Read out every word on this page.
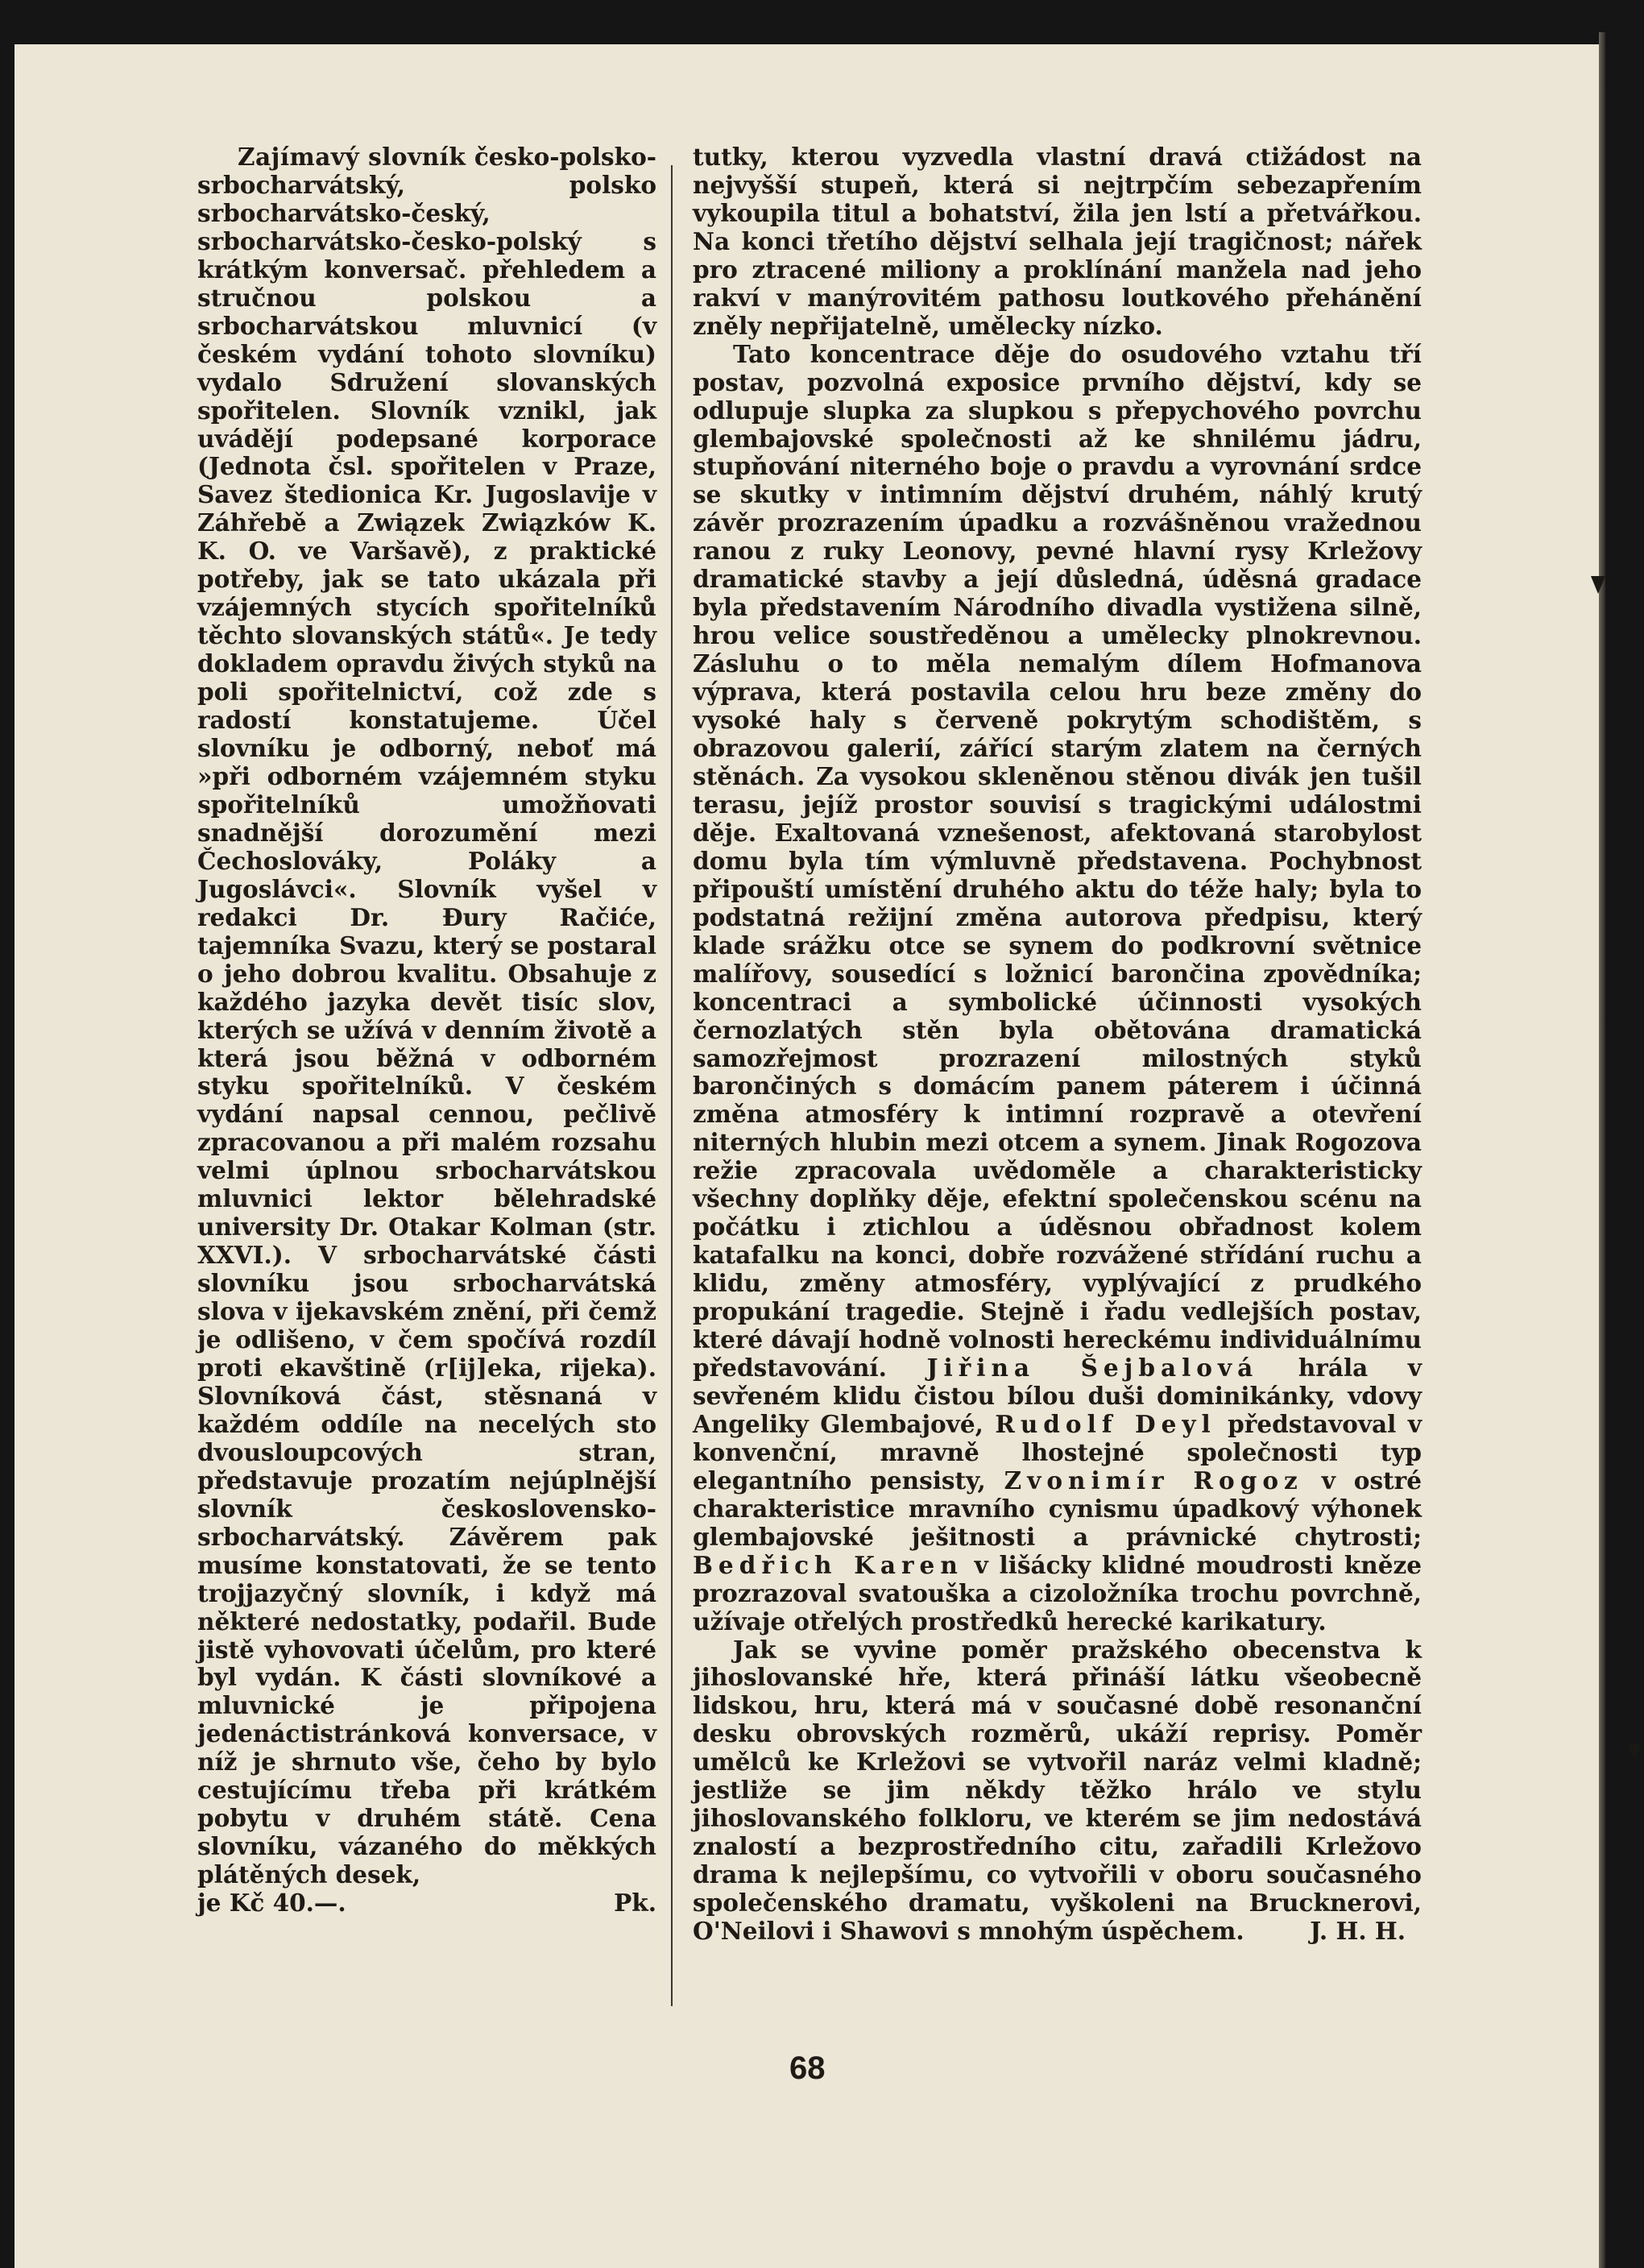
Zajímavý slovník česko-polsko-srbocharvátský, polsko srbocharvátsko-český, srbocharvátsko-česko-polský s krátkým konversač. přehledem a stručnou polskou a srbocharvátskou mluvnicí (v českém vydání tohoto slovníku) vydalo Sdružení slovanských spořitelen. Slovník vznikl, jak uvádějí podepsané korporace (Jednota čsl. spořitelen v Praze, Savez štedionica Kr. Jugoslavije v Záhřebě a Związek Związków K. K. O. ve Varšavě), z praktické potřeby, jak se tato ukázala při vzájemných stycích spořitelníků těchto slovanských států«. Je tedy dokladem opravdu živých styků na poli spořitelnictví, což zde s radostí konstatujeme. Účel slovníku je odborný, neboť má »při odborném vzájemném styku spořitelníků umožňovati snadnější dorozumění mezi Čechoslováky, Poláky a Jugoslávci«. Slovník vyšel v redakci Dr. Đury Račiće, tajemníka Svazu, který se postaral o jeho dobrou kvalitu. Obsahuje z každého jazyka devět tisíc slov, kterých se užívá v denním životě a která jsou běžná v odborném styku spořitelníků. V českém vydání napsal cennou, pečlivě zpracovanou a při malém rozsahu velmi úplnou srbocharvátskou mluvnici lektor bělehradské university Dr. Otakar Kolman (str. XXVI.). V srbocharvátské části slovníku jsou srbocharvátská slova v ijekavském znění, při čemž je odlišeno, v čem spočívá rozdíl proti ekavštině (r[ij]eka, rijeka). Slovníková část, stěsnaná v každém oddíle na necelých sto dvousloupcových stran, představuje prozatím nejúplnější slovník československo-srbocharvátský. Závěrem pak musíme konstatovati, že se tento trojjazyčný slovník, i když má některé nedostatky, podařil. Bude jistě vyhovovati účelům, pro které byl vydán. K části slovníkové a mluvnické je připojena jedenáctistránková konversace, v níž je shrnuto vše, čeho by bylo cestujícímu třeba při krátkém pobytu v druhém státě. Cena slovníku, vázaného do měkkých plátěných desek,

je Kč 40.—.	Pk.

tutky, kterou vyzvedla vlastní dravá ctižádost na nejvyšší stupeň, která si nejtrpčím sebezapřením vykoupila titul a bohatství, žila jen lstí a přetvářkou. Na konci třetího dějství selhala její tragičnost; nářek pro ztracené miliony a proklínání manžela nad jeho rakví v manýrovitém pathosu loutkového přehánění zněly nepřijatelně, umělecky nízko.

Tato koncentrace děje do osudového vztahu tří postav, pozvolná exposice prvního dějství, kdy se odlupuje slupka za slupkou s přepychového povrchu glembajovské společnosti až ke shnilému jádru, stupňování niterného boje o pravdu a vyrovnání srdce se skutky v intimním dějství druhém, náhlý krutý závěr prozrazením úpadku a rozvášněnou vražednou ranou z ruky Leonovy, pevné hlavní rysy Krležovy dramatické stavby a její důsledná, úděsná gradace byla představením Národního divadla vystižena silně, hrou velice soustředěnou a umělecky plnokrevnou. Zásluhu o to měla nemalým dílem Hofmanova výprava, která postavila celou hru beze změny do vysoké haly s červeně pokrytým schodištěm, s obrazovou galerií, zářící starým zlatem na černých stěnách. Za vysokou skleněnou stěnou divák jen tušil terasu, jejíž prostor souvisí s tragickými událostmi děje. Exaltovaná vznešenost, afektovaná starobylost domu byla tím výmluvně představena. Pochybnost připouští umístění druhého aktu do téže haly; byla to podstatná režijní změna autorova předpisu, který klade srážku otce se synem do podkrovní světnice malířovy, sousedící s ložnicí barončina zpovědníka; koncentraci a symbolické účinnosti vysokých černozlatých stěn byla obětována dramatická samozřejmost prozrazení milostných styků barončiných s domácím panem páterem i účinná změna atmosféry k intimní rozpravě a otevření niterných hlubin mezi otcem a synem. Jinak Rogozova režie zpracovala uvědoměle a charakteristicky všechny doplňky děje, efektní společenskou scénu na počátku i ztichlou a úděsnou obřadnost kolem katafalku na konci, dobře rozvážené střídání ruchu a klidu, změny atmosféry, vyplývající z prudkého propukání tragedie. Stejně i řadu vedlejších postav, které dávají hodně volnosti hereckému individuálnímu představování. Jiřina Šejbalová hrála v sevřeném klidu čistou bílou duši dominikánky, vdovy Angeliky Glembajové, Rudolf Deyl představoval v konvenční, mravně lhostejné společnosti typ elegantního pensisty, Zvonimír Rogoz v ostré charakteristice mravního cynismu úpadkový výhonek glembajovské ješitnosti a právnické chytrosti; Bedřich Karen v lišácky klidné moudrosti kněze prozrazoval svatouška a cizoložníka trochu povrchně, užívaje otřelých prostředků herecké karikatury.

Jak se vyvine poměr pražského obecenstva k jihoslovanské hře, která přináší látku všeobecně lidskou, hru, která má v současné době resonanční desku obrovských rozměrů, ukáží reprisy. Poměr umělců ke Krležovi se vytvořil naráz velmi kladně; jestliže se jim někdy těžko hrálo ve stylu jihoslovanského folkloru, ve kterém se jim nedostává znalostí a bezprostředního citu, zařadili Krležovo drama k nejlepšímu, co vytvořili v oboru současného společenského dramatu, vyškoleni na Brucknerovi, O'Neilovi i Shawovi s mnohým úspěchem.	J. H. H.

68
